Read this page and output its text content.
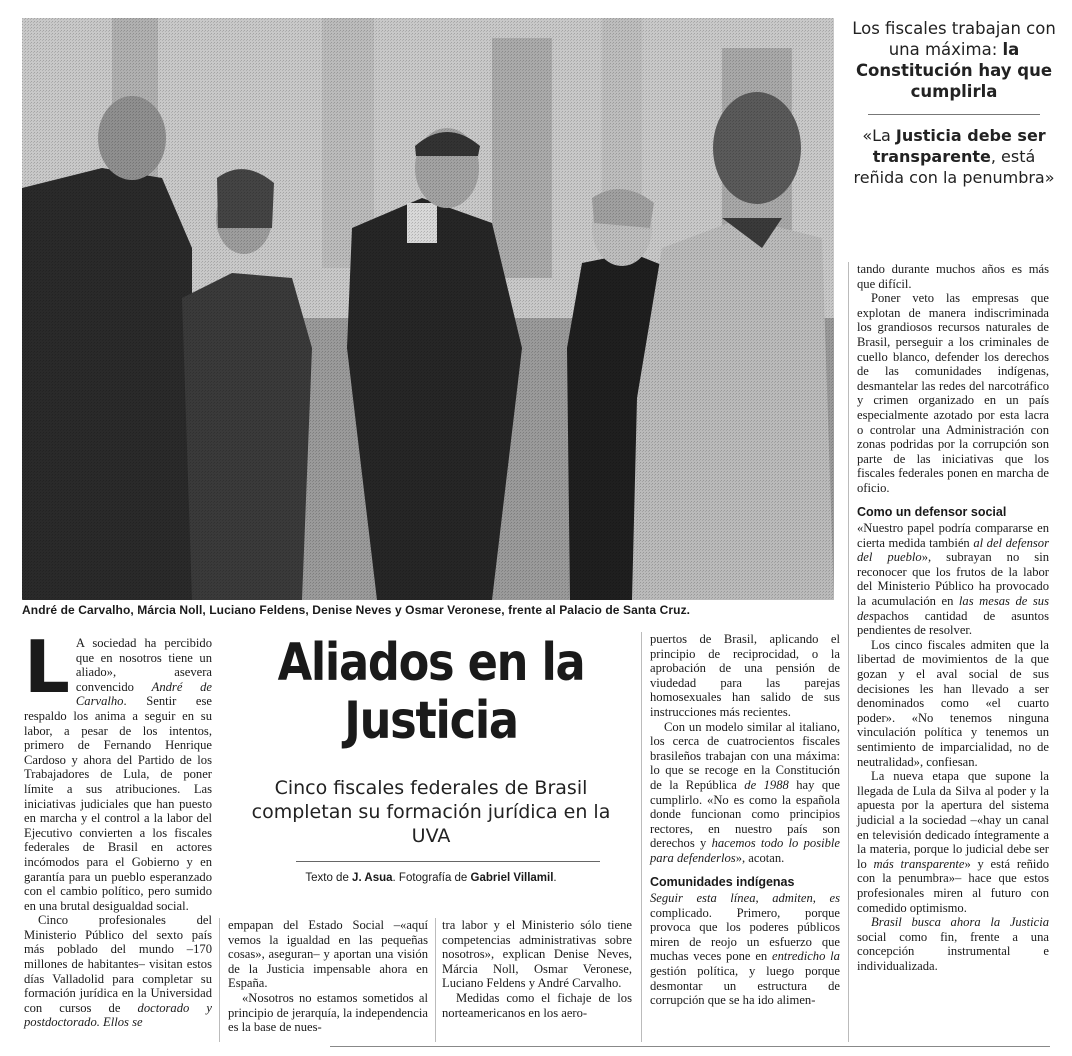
André de Carvalho, Márcia Noll, Luciano Feldens, Denise Neves y Osmar Veronese, frente al Palacio de Santa Cruz.
Los fiscales trabajan con una máxima: la Constitución hay que cumplirla
«La Justicia debe ser transparente, está reñida con la penumbra»
Aliados en la Justicia
Cinco fiscales federales de Brasil completan su formación jurídica en la UVA
Texto de J. Asua. Fotografía de Gabriel Villamil.

L A sociedad ha percibido que en nosotros tiene un aliado», asevera convencido André de Carvalho. Sentir ese respaldo los anima a seguir en su labor, a pesar de los intentos, primero de Fernando Henrique Cardoso y ahora del Partido de los Trabajadores de Lula, de poner límite a sus atribuciones. Las iniciativas judiciales que han puesto en marcha y el control a la labor del Ejecutivo convierten a los fiscales federales de Brasil en actores incómodos para el Gobierno y en garantía para un pueblo esperanzado con el cambio político, pero sumido en una brutal desigualdad social.

Cinco profesionales del Ministerio Público del sexto país más poblado del mundo –170 millones de habitantes– visitan estos días Valladolid para completar su formación jurídica en la Universidad con cursos de doctorado y postdoctorado. Ellos se

empapan del Estado Social –«aquí vemos la igualdad en las pequeñas cosas», aseguran– y aportan una visión de la Justicia impensable ahora en España.

«Nosotros no estamos sometidos al principio de jerarquía, la independencia es la base de nues-

tra labor y el Ministerio sólo tiene competencias administrativas sobre nosotros», explican Denise Neves, Márcia Noll, Osmar Veronese, Luciano Feldens y André Carvalho.

Medidas como el fichaje de los norteamericanos en los aero-

puertos de Brasil, aplicando el principio de reciprocidad, o la aprobación de una pensión de viudedad para las parejas homosexuales han salido de sus instrucciones más recientes.

Con un modelo similar al italiano, los cerca de cuatrocientos fiscales brasileños trabajan con una máxima: lo que se recoge en la Constitución de la República de 1988 hay que cumplirlo. «No es como la española donde funcionan como principios rectores, en nuestro país son derechos y hacemos todo lo posible para defenderlos», acotan.

Comunidades indígenas

Seguir esta línea, admiten, es complicado. Primero, porque provoca que los poderes públicos miren de reojo un esfuerzo que muchas veces pone en entredicho la gestión política, y luego porque desmontar un estructura de corrupción que se ha ido alimen-

tando durante muchos años es más que difícil.

Poner veto las empresas que explotan de manera indiscriminada los grandiosos recursos naturales de Brasil, perseguir a los criminales de cuello blanco, defender los derechos de las comunidades indígenas, desmantelar las redes del narcotráfico y crimen organizado en un país especialmente azotado por esta lacra o controlar una Administración con zonas podridas por la corrupción son parte de las iniciativas que los fiscales federales ponen en marcha de oficio.

Como un defensor social

«Nuestro papel podría compararse en cierta medida también al del defensor del pueblo», subrayan no sin reconocer que los frutos de la labor del Ministerio Público ha provocado la acumulación en las mesas de sus despachos cantidad de asuntos pendientes de resolver.

Los cinco fiscales admiten que la libertad de movimientos de la que gozan y el aval social de sus decisiones les han llevado a ser denominados como «el cuarto poder». «No tenemos ninguna vinculación política y tenemos un sentimiento de imparcialidad, no de neutralidad», confiesan.

La nueva etapa que supone la llegada de Lula da Silva al poder y la apuesta por la apertura del sistema judicial a la sociedad –«hay un canal en televisión dedicado íntegramente a la materia, porque lo judicial debe ser lo más transparente» y está reñido con la penumbra»– hace que estos profesionales miren al futuro con comedido optimismo.

Brasil busca ahora la Justicia social como fin, frente a una concepción instrumental e individualizada.
